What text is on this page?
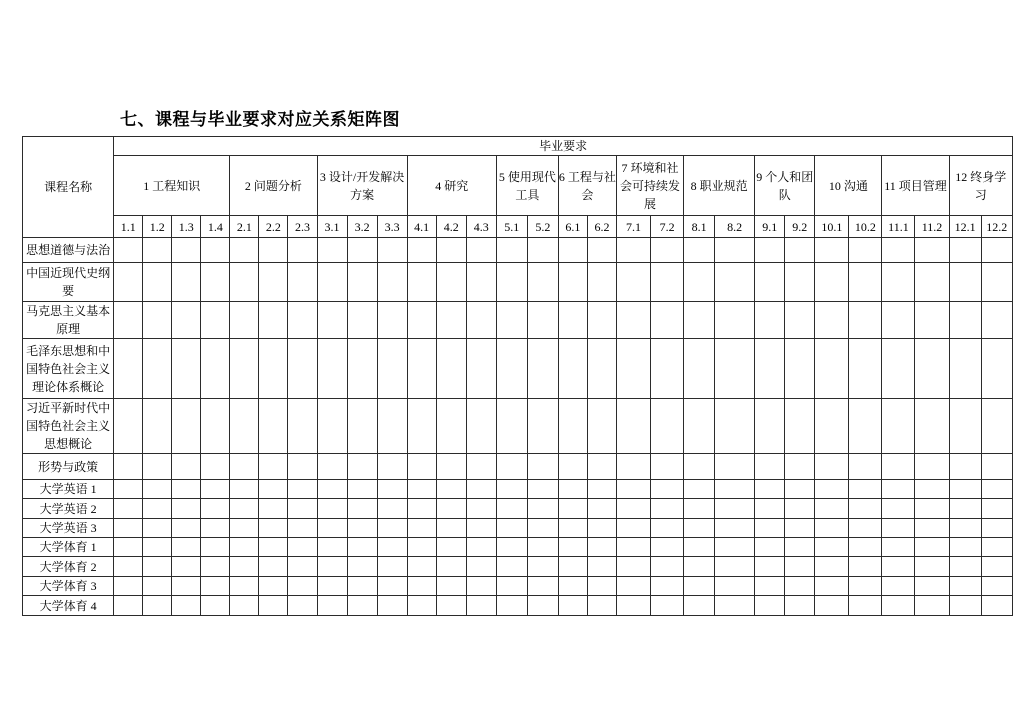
七、课程与毕业要求对应关系矩阵图
课程名称	毕业要求																												
	1 工程知识				2 问题分析			3 设计/开发解决方案			4 研究			5 使用现代工具		6 工程与社会		7 环境和社会可持续发展		8 职业规范		9 个人和团队		10 沟通		11 项目管理		12 终身学习	
	1.1	1.2	1.3	1.4	2.1	2.2	2.3	3.1	3.2	3.3	4.1	4.2	4.3	5.1	5.2	6.1	6.2	7.1	7.2	8.1	8.2	9.1	9.2	10.1	10.2	11.1	11.2	12.1	12.2
思想道德与法治																													
中国近现代史纲要																													
马克思主义基本原理																													
毛泽东思想和中国特色社会主义理论体系概论																													
习近平新时代中国特色社会主义思想概论																													
形势与政策																													
大学英语 1																													
大学英语 2																													
大学英语 3																													
大学体育 1																													
大学体育 2																													
大学体育 3																													
大学体育 4																													
